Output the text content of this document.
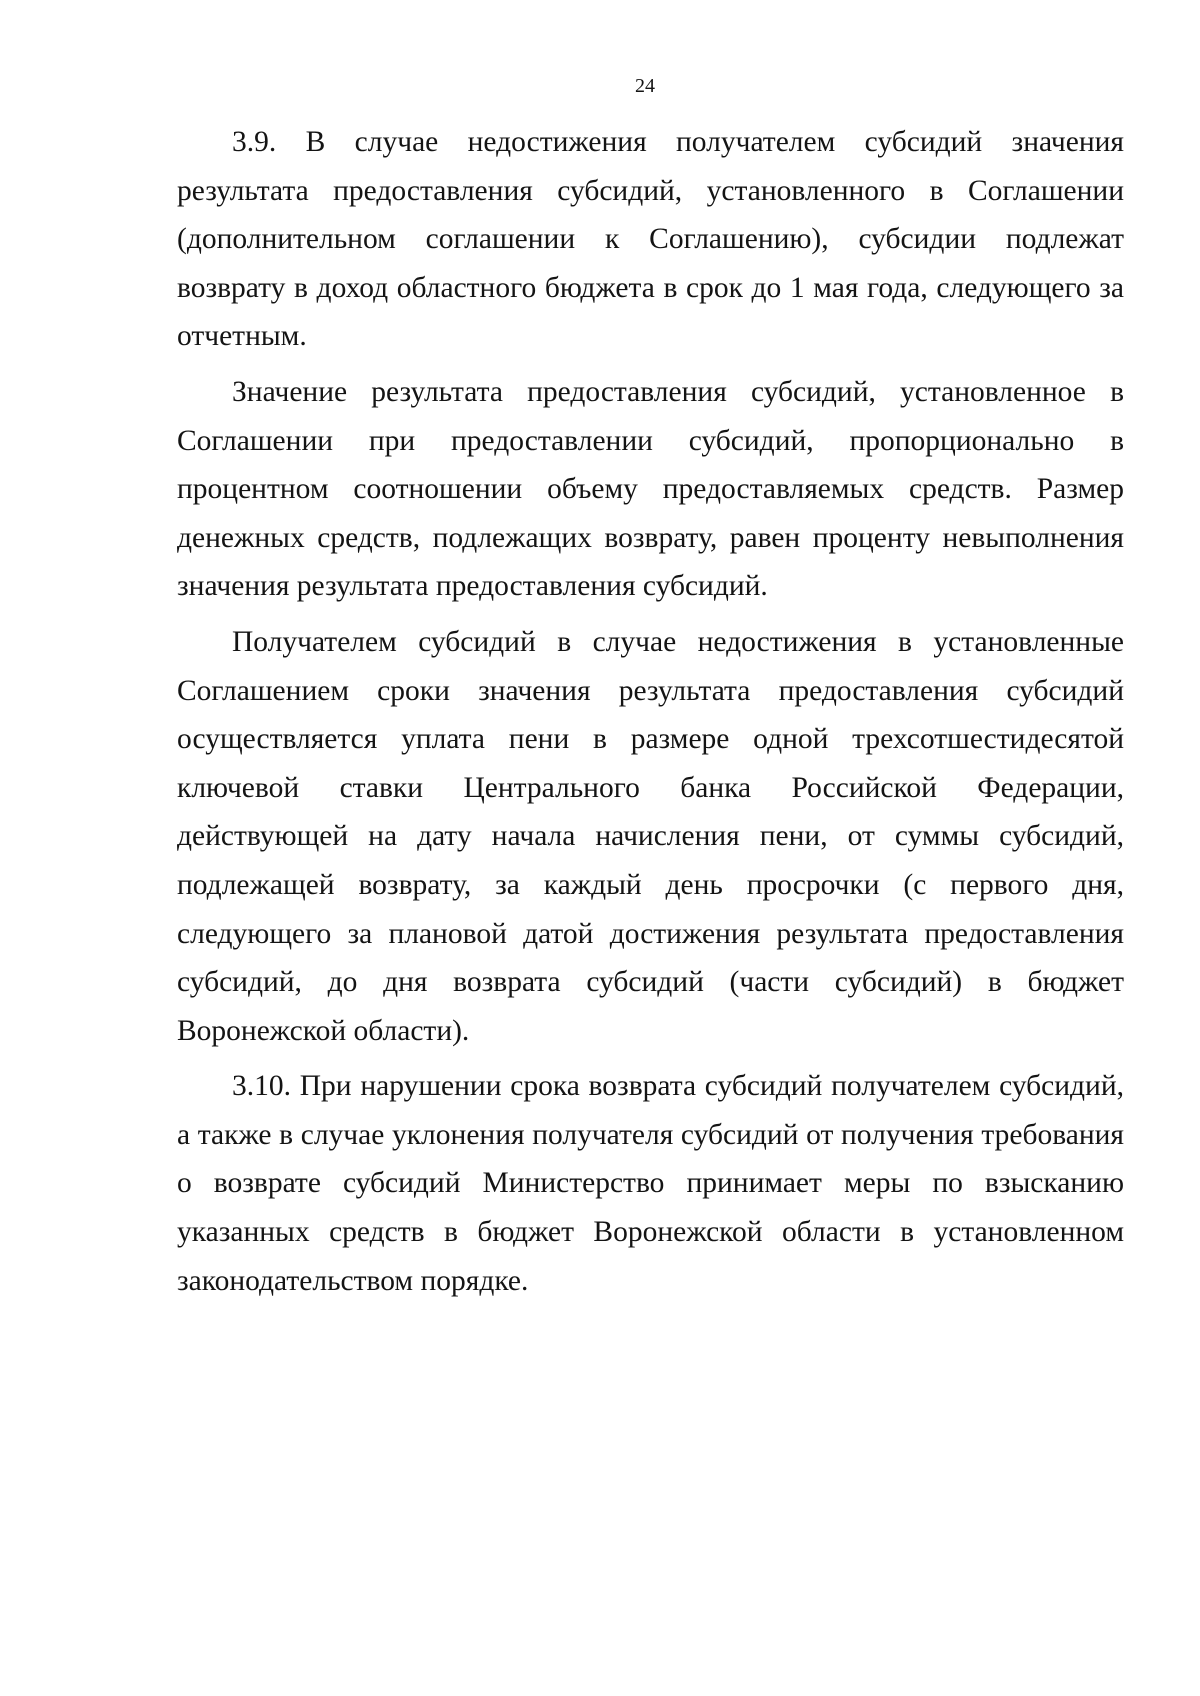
24

3.9. В случае недостижения получателем субсидий значения результата предоставления субсидий, установленного в Соглашении (дополнительном соглашении к Соглашению), субсидии подлежат возврату в доход областного бюджета в срок до 1 мая года, следующего за отчетным.

Значение результата предоставления субсидий, установленное в Соглашении при предоставлении субсидий, пропорционально в процентном соотношении объему предоставляемых средств. Размер денежных средств, подлежащих возврату, равен проценту невыполнения значения результата предоставления субсидий.

Получателем субсидий в случае недостижения в установленные Соглашением сроки значения результата предоставления субсидий осуществляется уплата пени в размере одной трехсотшестидесятой ключевой ставки Центрального банка Российской Федерации, действующей на дату начала начисления пени, от суммы субсидий, подлежащей возврату, за каждый день просрочки (с первого дня, следующего за плановой датой достижения результата предоставления субсидий, до дня возврата субсидий (части субсидий) в бюджет Воронежской области).

3.10. При нарушении срока возврата субсидий получателем субсидий, а также в случае уклонения получателя субсидий от получения требования о возврате субсидий Министерство принимает меры по взысканию указанных средств в бюджет Воронежской области в установленном законодательством порядке.
